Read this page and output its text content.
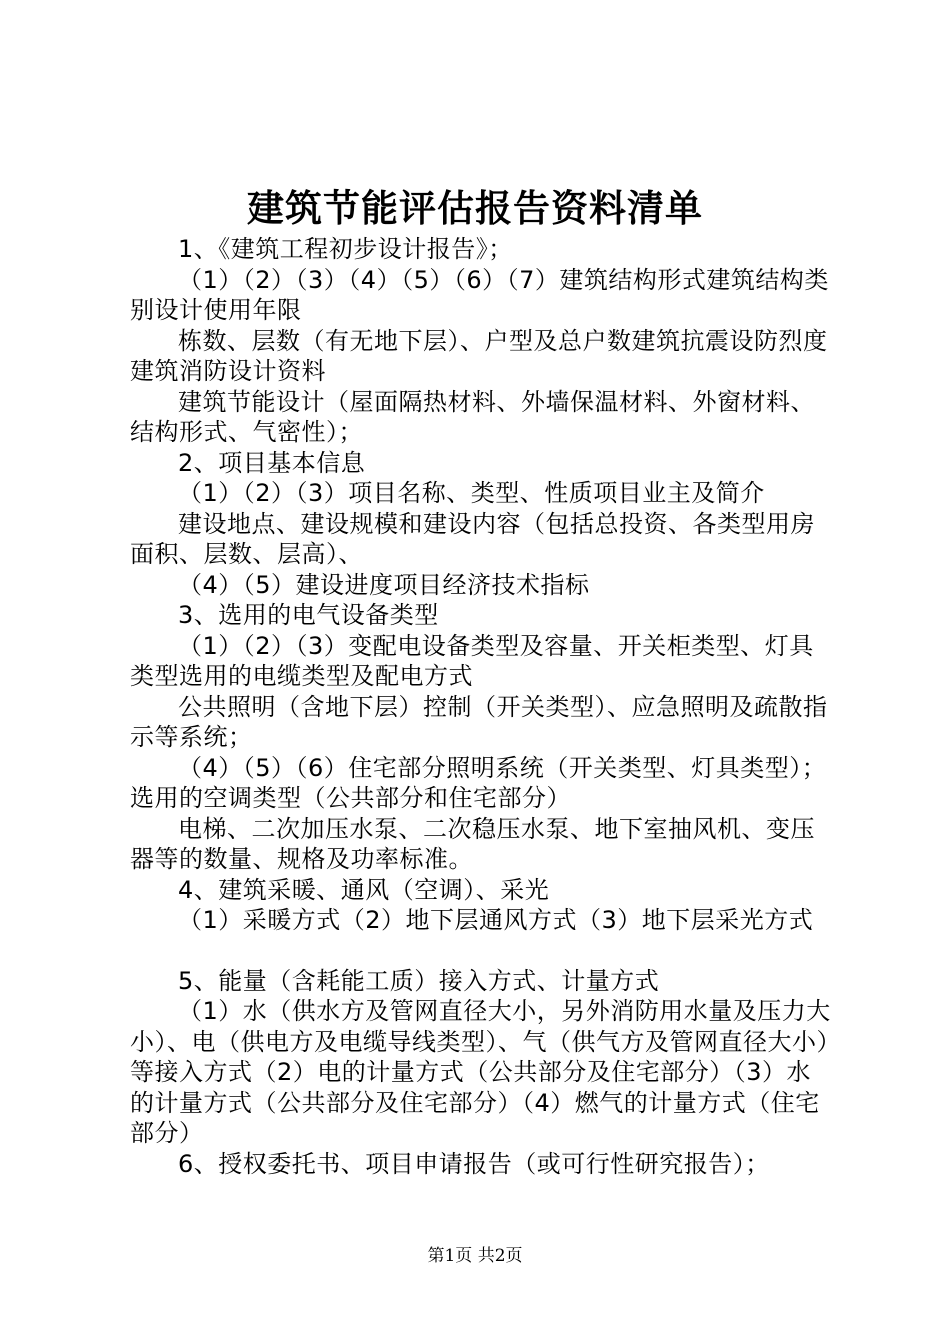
建筑节能评估报告资料清单

1、《建筑工程初步设计报告》；

（1）（2）（3）（4）（5）（6）（7）建筑结构形式建筑结构类别设计使用年限

栋数、层数（有无地下层）、户型及总户数建筑抗震设防烈度建筑消防设计资料

建筑节能设计（屋面隔热材料、外墙保温材料、外窗材料、结构形式、气密性）；

2、项目基本信息

（1）（2）（3）项目名称、类型、性质项目业主及简介

建设地点、建设规模和建设内容（包括总投资、各类型用房面积、层数、层高）、

（4）（5）建设进度项目经济技术指标

3、选用的电气设备类型

（1）（2）（3）变配电设备类型及容量、开关柜类型、灯具类型选用的电缆类型及配电方式

公共照明（含地下层）控制（开关类型）、应急照明及疏散指示等系统；

（4）（5）（6）住宅部分照明系统（开关类型、灯具类型）；选用的空调类型（公共部分和住宅部分）

电梯、二次加压水泵、二次稳压水泵、地下室抽风机、变压器等的数量、规格及功率标准。

4、建筑采暖、通风（空调）、采光

（1）采暖方式（2）地下层通风方式（3）地下层采光方式

5、能量（含耗能工质）接入方式、计量方式

（1）水（供水方及管网直径大小，另外消防用水量及压力大小）、电（供电方及电缆导线类型）、气（供气方及管网直径大小）等接入方式（2）电的计量方式（公共部分及住宅部分）（3）水的计量方式（公共部分及住宅部分）（4）燃气的计量方式（住宅部分）

6、授权委托书、项目申请报告（或可行性研究报告）；

第1页 共2页
